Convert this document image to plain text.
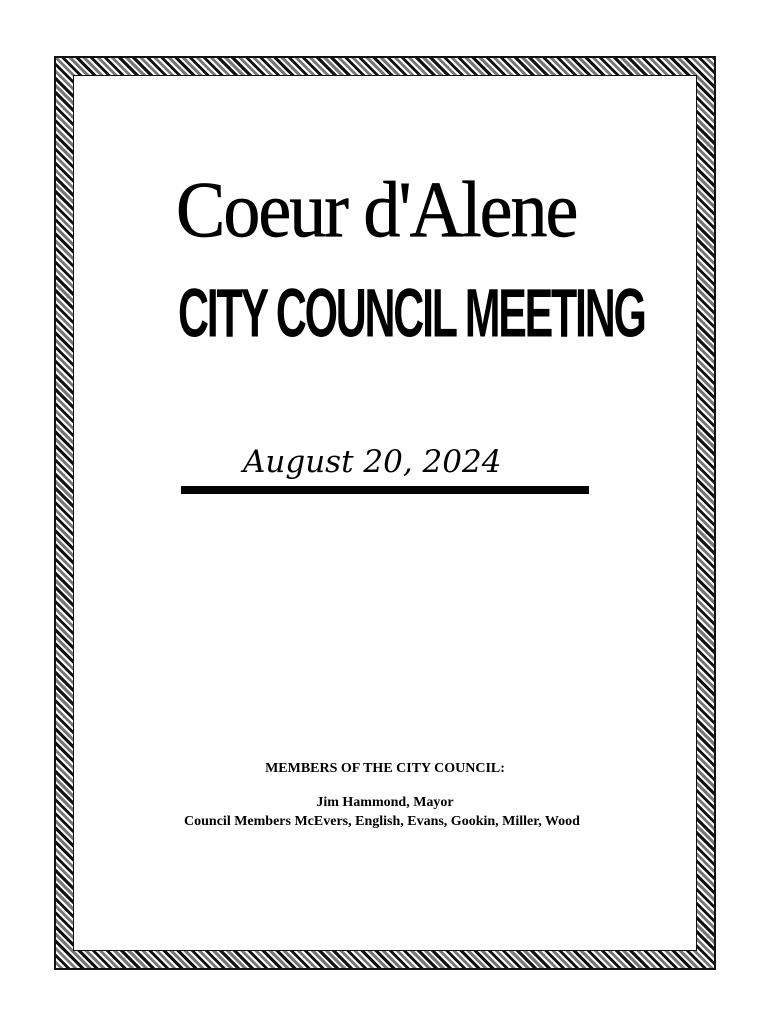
Coeur d'Alene
CITY COUNCIL MEETING
August 20, 2024
MEMBERS OF THE CITY COUNCIL:
Jim Hammond, Mayor
Council Members McEvers, English, Evans, Gookin, Miller, Wood
